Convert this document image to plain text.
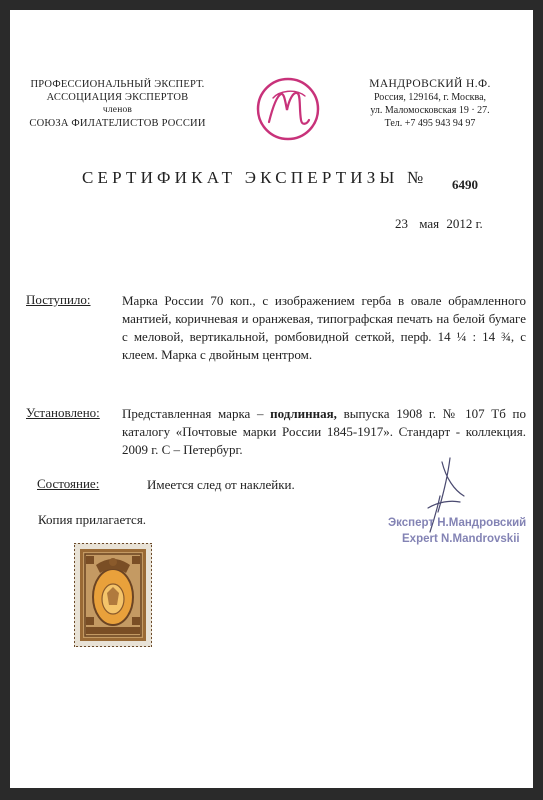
ПРОФЕССИОНАЛЬНЫЙ ЭКСПЕРТ.
АССОЦИАЦИЯ ЭКСПЕРТОВ
членов
СОЮЗА ФИЛАТЕЛИСТОВ РОССИИ
МАНДРОВСКИЙ Н.Ф.
Россия, 129164, г. Москва,
ул. Маломосковская 19 · 27.
Тел. +7 495 943 94 97
СЕРТИФИКАТ ЭКСПЕРТИЗЫ № 6490
23 мая 2012 г.
Поступило: Марка России 70 коп., с изображением герба в овале обрамленного мантией, коричневая и оранжевая, типографская печать на белой бумаге с меловой, вертикальной, ромбовидной сеткой, перф. 14 ¼ : 14 ¾, с клеем. Марка с двойным центром.
Установлено: Представленная марка – подлинная, выпуска 1908 г. № 107 Тб по каталогу «Почтовые марки России 1845-1917». Стандарт - коллекция. 2009 г. С – Петербург.
Состояние:	Имеется след от наклейки.
Копия прилагается.	Эксперт Н.Мандровский
Expert N.Mandrovskii
